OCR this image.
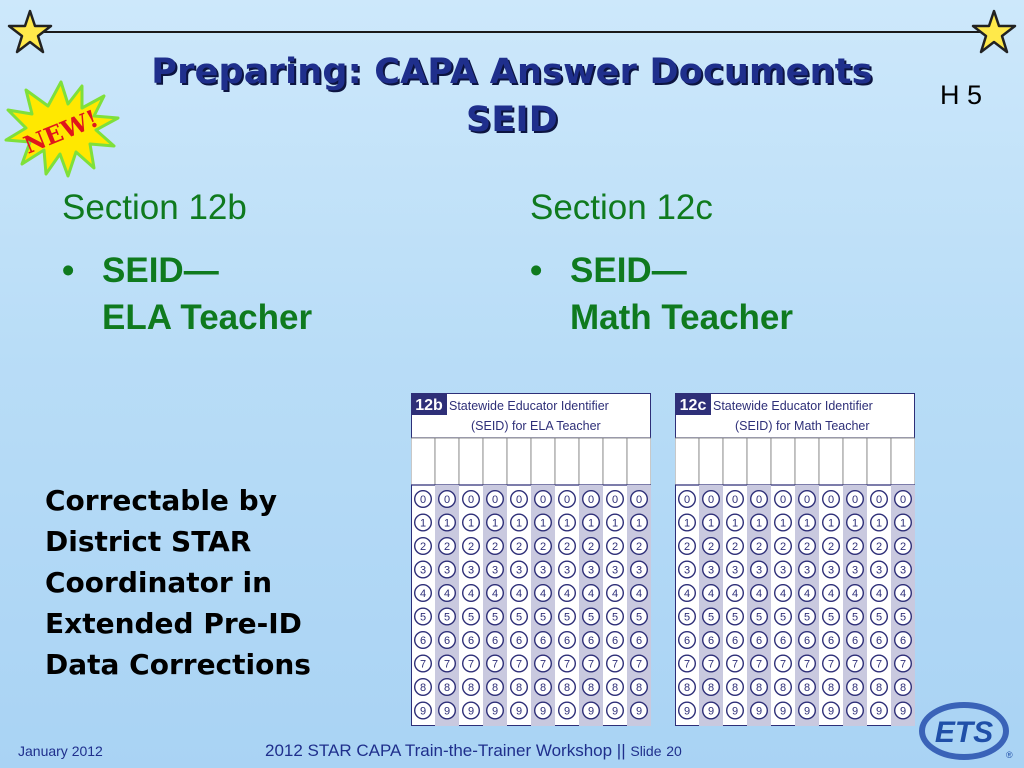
NEW!
Preparing: CAPA Answer Documents
SEID
H 5
Section 12b
• SEID—
ELA Teacher
Section 12c
• SEID—
Math Teacher
Correctable by
District STAR
Coordinator in
Extended Pre-ID
Data Corrections
12b Statewide Educator Identifier
(SEID) for ELA Teacher
0 0 0 0 0 0 0 0 0 0
1 1 1 1 1 1 1 1 1 1
2 2 2 2 2 2 2 2 2 2
3 3 3 3 3 3 3 3 3 3
4 4 4 4 4 4 4 4 4 4
5 5 5 5 5 5 5 5 5 5
6 6 6 6 6 6 6 6 6 6
7 7 7 7 7 7 7 7 7 7
8 8 8 8 8 8 8 8 8 8
9 9 9 9 9 9 9 9 9 9
12c Statewide Educator Identifier
(SEID) for Math Teacher
0 0 0 0 0 0 0 0 0 0
1 1 1 1 1 1 1 1 1 1
2 2 2 2 2 2 2 2 2 2
3 3 3 3 3 3 3 3 3 3
4 4 4 4 4 4 4 4 4 4
5 5 5 5 5 5 5 5 5 5
6 6 6 6 6 6 6 6 6 6
7 7 7 7 7 7 7 7 7 7
8 8 8 8 8 8 8 8 8 8
9 9 9 9 9 9 9 9 9 9
January 2012	2012 STAR CAPA Train-the-Trainer Workshop || Slide 20
ETS
®
